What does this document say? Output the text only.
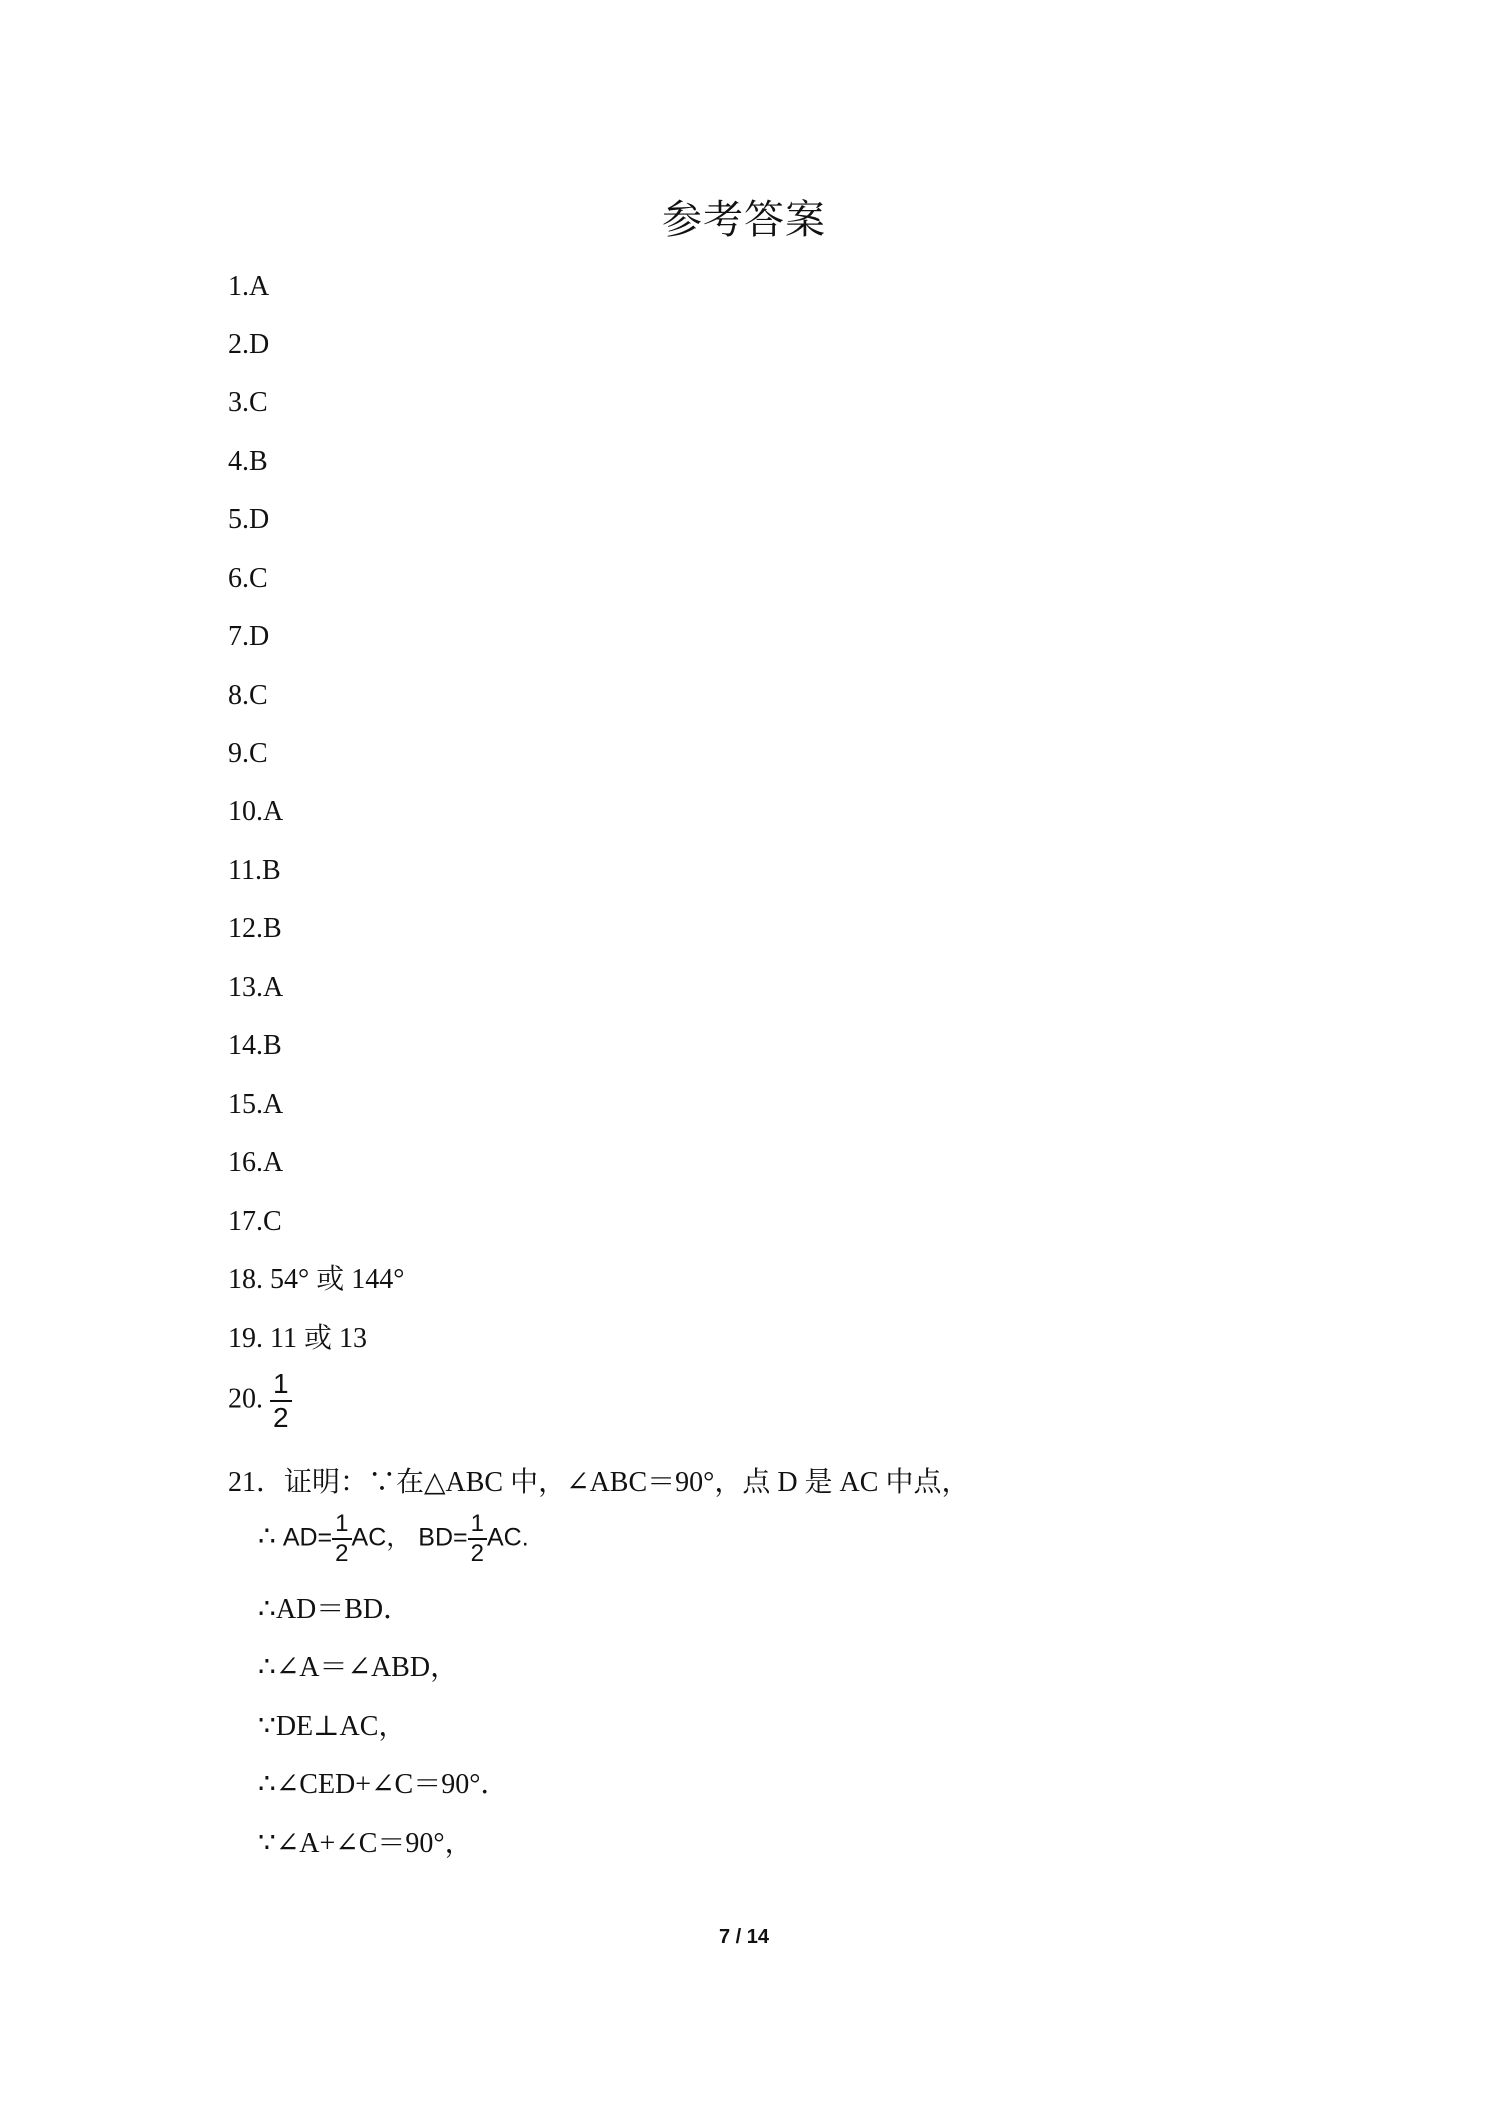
参考答案
1.A
2.D
3.C
4.B
5.D
6.C
7.D
8.C
9.C
10.A
11.B
12.B
13.A
14.B
15.A
16.A
17.C
18. 54° 或 144°
19. 11 或 13
20. $\frac{1}{2}$
21．证明：∵在△ABC 中，∠ABC＝90°，点 D 是 AC 中点，
∴ $AD= \frac{1}{2}$ AC， $BD= \frac{1}{2}$ AC.
∴AD＝BD．
∴∠A＝∠ABD，
∵DE⊥AC，
∴∠CED+∠C＝90°．
∵∠A+∠C＝90°，
7 / 14
